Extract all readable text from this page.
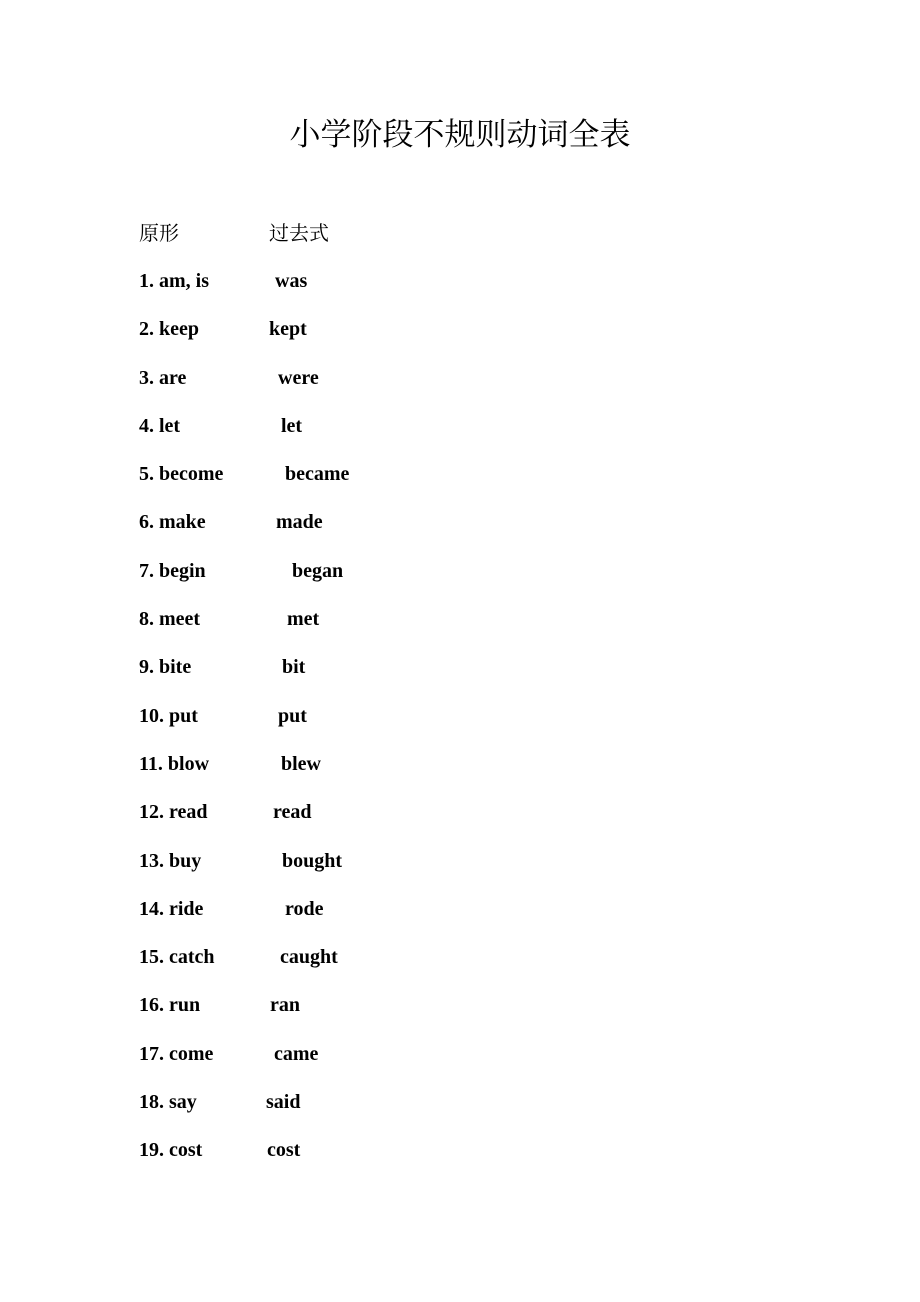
小学阶段不规则动词全表
原形	过去式
1. am, is	was
2. keep	kept
3. are	were
4. let	let
5. become	became
6. make	made
7. begin	began
8. meet	met
9. bite	bit
10. put	put
11. blow	blew
12. read	read
13. buy	bought
14. ride	rode
15. catch	caught
16. run	ran
17. come	came
18. say	said
19. cost	cost
